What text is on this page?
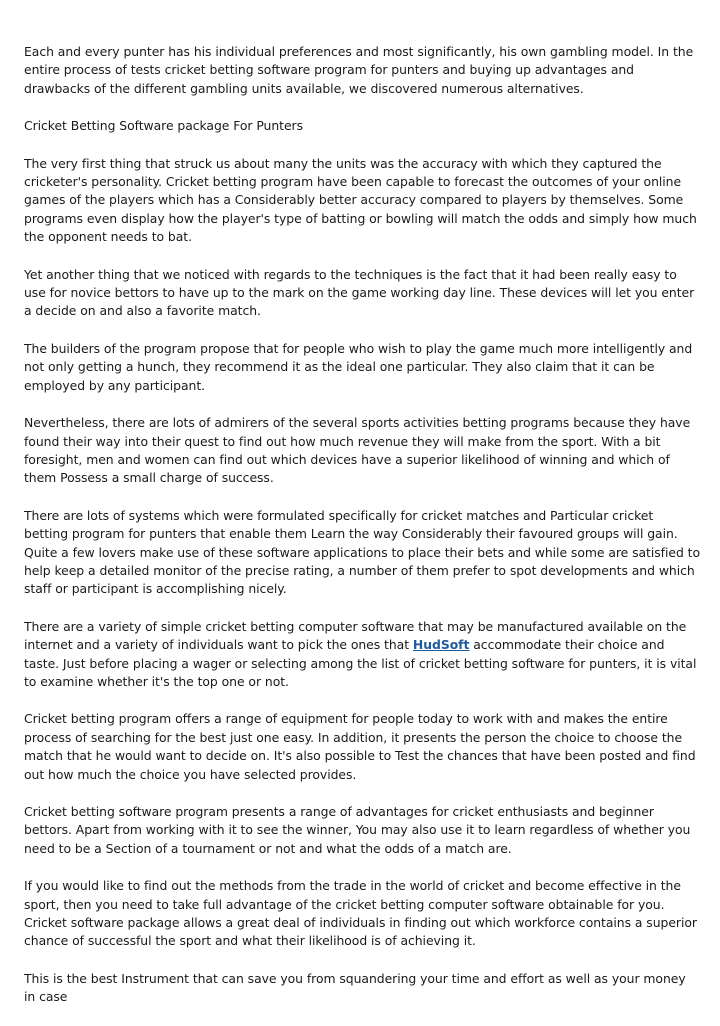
Each and every punter has his individual preferences and most significantly, his own gambling model. In the entire process of tests cricket betting software program for punters and buying up advantages and drawbacks of the different gambling units available, we discovered numerous alternatives.

Cricket Betting Software package For Punters

The very first thing that struck us about many the units was the accuracy with which they captured the cricketer's personality. Cricket betting program have been capable to forecast the outcomes of your online games of the players which has a Considerably better accuracy compared to players by themselves. Some programs even display how the player's type of batting or bowling will match the odds and simply how much the opponent needs to bat.

Yet another thing that we noticed with regards to the techniques is the fact that it had been really easy to use for novice bettors to have up to the mark on the game working day line. These devices will let you enter a decide on and also a favorite match.

The builders of the program propose that for people who wish to play the game much more intelligently and not only getting a hunch, they recommend it as the ideal one particular. They also claim that it can be employed by any participant.

Nevertheless, there are lots of admirers of the several sports activities betting programs because they have found their way into their quest to find out how much revenue they will make from the sport. With a bit foresight, men and women can find out which devices have a superior likelihood of winning and which of them Possess a small charge of success.

There are lots of systems which were formulated specifically for cricket matches and Particular cricket betting program for punters that enable them Learn the way Considerably their favoured groups will gain. Quite a few lovers make use of these software applications to place their bets and while some are satisfied to help keep a detailed monitor of the precise rating, a number of them prefer to spot developments and which staff or participant is accomplishing nicely.

There are a variety of simple cricket betting computer software that may be manufactured available on the internet and a variety of individuals want to pick the ones that HudSoft accommodate their choice and taste. Just before placing a wager or selecting among the list of cricket betting software for punters, it is vital to examine whether it's the top one or not.

Cricket betting program offers a range of equipment for people today to work with and makes the entire process of searching for the best just one easy. In addition, it presents the person the choice to choose the match that he would want to decide on. It's also possible to Test the chances that have been posted and find out how much the choice you have selected provides.

Cricket betting software program presents a range of advantages for cricket enthusiasts and beginner bettors. Apart from working with it to see the winner, You may also use it to learn regardless of whether you need to be a Section of a tournament or not and what the odds of a match are.

If you would like to find out the methods from the trade in the world of cricket and become effective in the sport, then you need to take full advantage of the cricket betting computer software obtainable for you. Cricket software package allows a great deal of individuals in finding out which workforce contains a superior chance of successful the sport and what their likelihood is of achieving it.

This is the best Instrument that can save you from squandering your time and effort as well as your money in case
